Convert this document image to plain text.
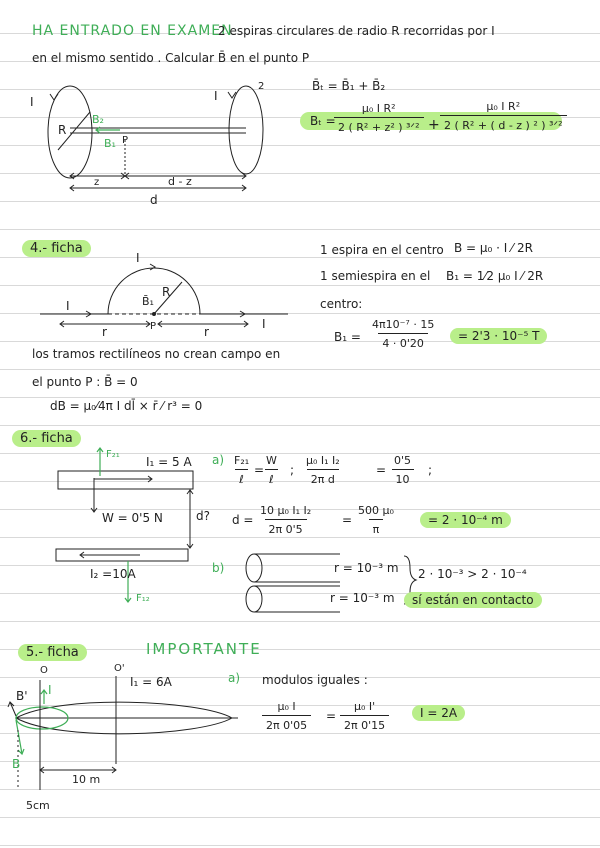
HA ENTRADO EN EXAMEN
2 espiras circulares de radio R recorridas por I
en el mismo sentido . Calcular B̄ en el punto P
I
R
B₂
B₁ P
I
2
z	d - z
d
B̄ₜ = B̄₁ + B̄₂
Bₜ =
μ₀ I R²
2 ( R² + z² ) ³ᐟ² +
μ₀ I R²
2 ( R² + ( d - z ) ² ) ³ᐟ²
4.- ficha
I
R
B̄₁
I
r	P	r
I
1 espira en el centro B = μ₀ · I ⁄ 2R
1 semiespira en el B₁ = 1⁄2 μ₀ I ⁄ 2R
centro:
$B_1 = \frac{\text{4π10⁻⁷ · 15}}{4 \cdot 0'20}$	= 2'3 · 10⁻⁵ T
los tramos rectilíneos no crean campo en
el punto P : B̄ = 0
dB = μ₀⁄4π I dl̄ × r̄ ⁄ r³ = 0
6.- ficha
F₂₁
I₁ = 5 A
W = 0'5 N	d?
I₂ =10A
F₁₂
a) F₂₁
ℓ
=
W
ℓ
; $\frac{\text{μ₀ I₁ I₂}}{\text{2π d}}$	= $\frac{0'5}{10}$ ;
$d = \frac{\text{10 μ₀ I₁ I₂}}{2\pi 0'5} = \frac{\text{500 μ₀}}{\pi}$	= 2 · 10⁻⁴ m
b)	r = 10⁻³ m
r = 10⁻³ m
2 · 10⁻³ > 2 · 10⁻⁴
sí están en contacto
5.- ficha	IMPORTANTE
O	O'
I₁ = 6A
B' I
B
10 m
5cm
a) modulos iguales :
$\frac{\text{μ₀ I}}{2\pi 0'05} = \frac{\text{μ₀ I'}}{2\pi 0'15}$	I = 2A
